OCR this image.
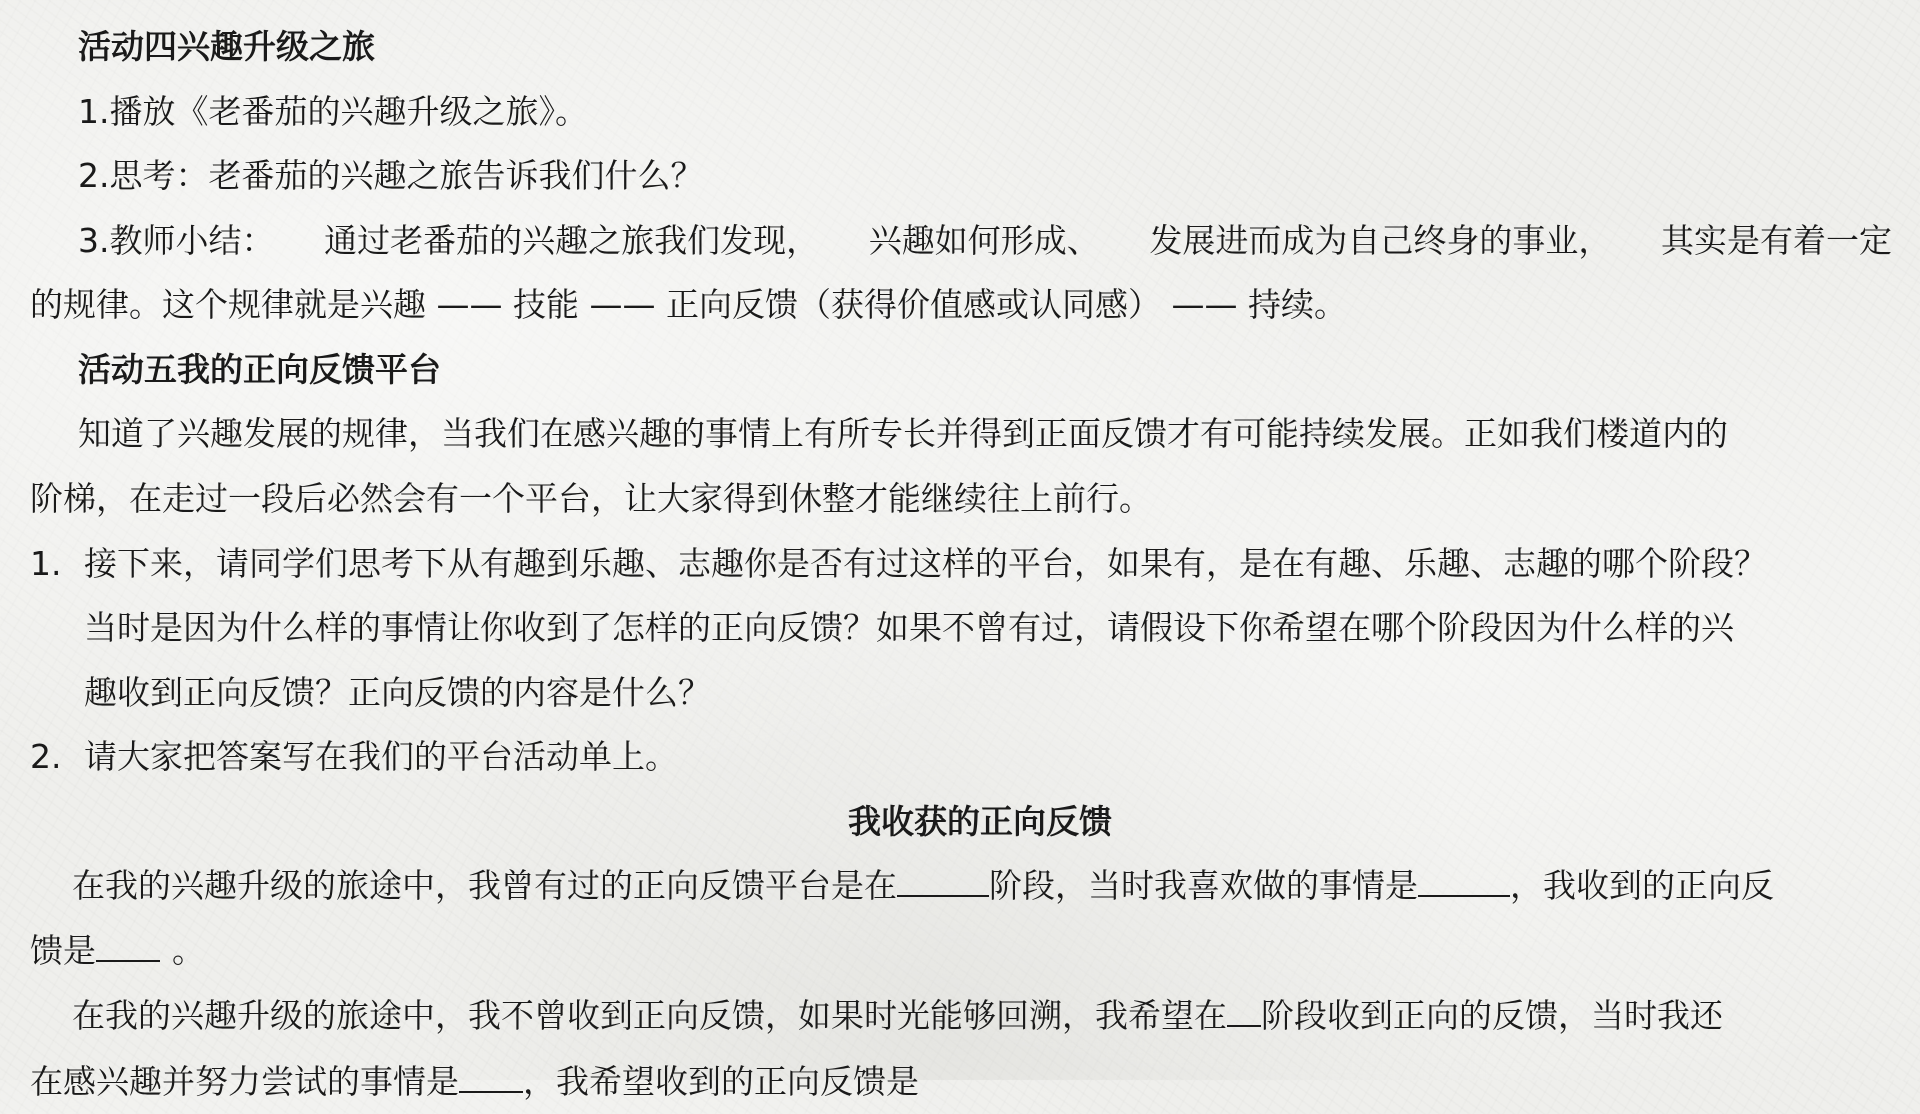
活动四兴趣升级之旅
1.播放《老番茄的兴趣升级之旅》。
2.思考：老番茄的兴趣之旅告诉我们什么？
3.教师小结： 通过老番茄的兴趣之旅我们发现， 兴趣如何形成、 发展进而成为自己终身的事业， 其实是有着一定
的规律。这个规律就是兴趣 —— 技能 —— 正向反馈（获得价值感或认同感） —— 持续。
活动五我的正向反馈平台
知道了兴趣发展的规律，当我们在感兴趣的事情上有所专长并得到正面反馈才有可能持续发展。正如我们楼道内的
阶梯，在走过一段后必然会有一个平台，让大家得到休整才能继续往上前行。
1. 接下来，请同学们思考下从有趣到乐趣、志趣你是否有过这样的平台，如果有，是在有趣、乐趣、志趣的哪个阶段？
当时是因为什么样的事情让你收到了怎样的正向反馈？如果不曾有过，请假设下你希望在哪个阶段因为什么样的兴
趣收到正向反馈？正向反馈的内容是什么？
2. 请大家把答案写在我们的平台活动单上。
我收获的正向反馈
在我的兴趣升级的旅途中，我曾有过的正向反馈平台是在	阶段，当时我喜欢做的事情是	，我收到的正向反
馈是 。
在我的兴趣升级的旅途中，我不曾收到正向反馈，如果时光能够回溯，我希望在 阶段收到正向的反馈，当时我还
在感兴趣并努力尝试的事情是 ，我希望收到的正向反馈是
